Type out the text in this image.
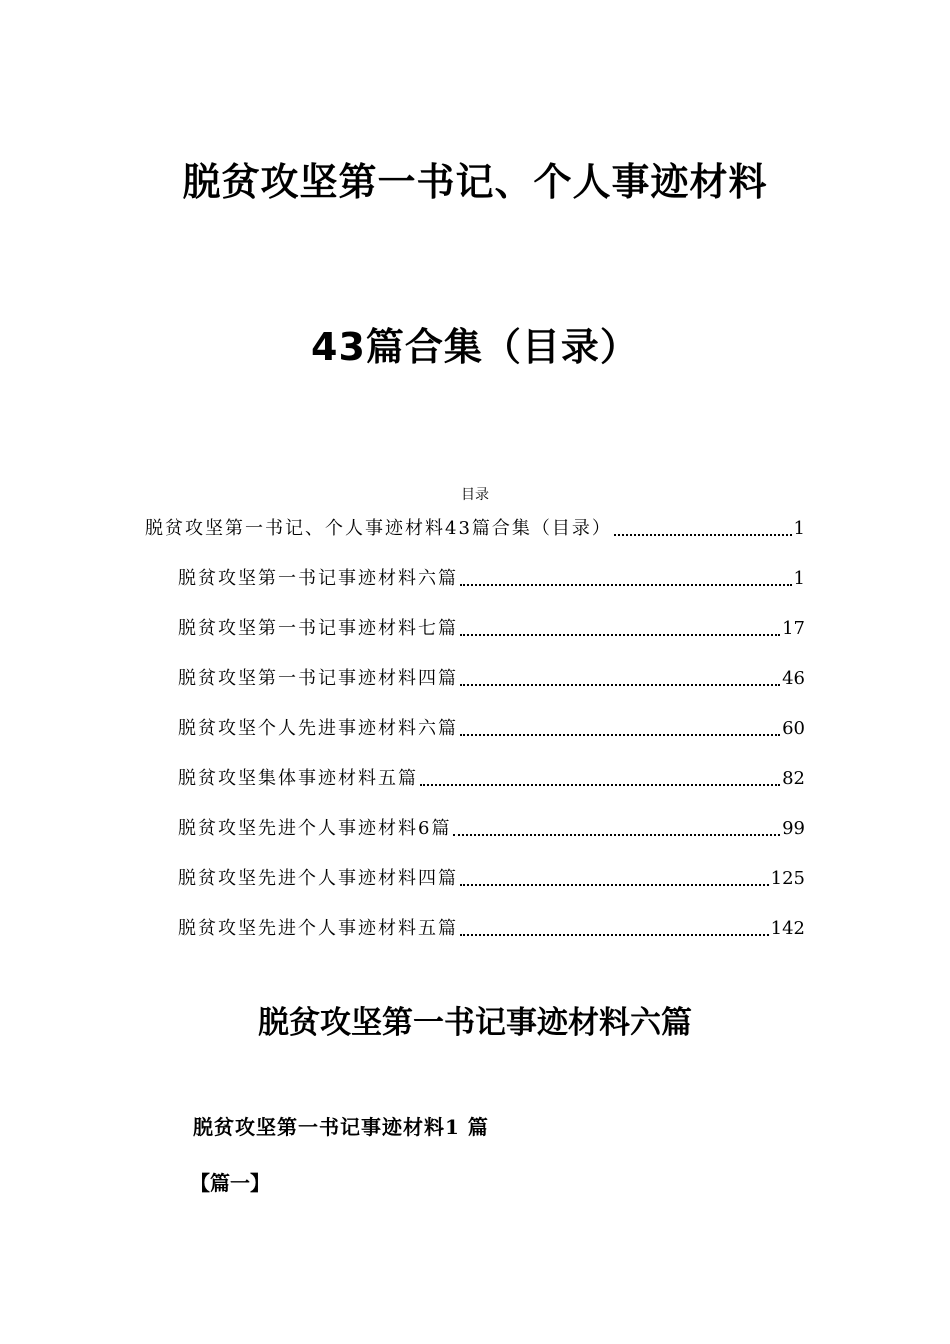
脱贫攻坚第一书记、个人事迹材料
43篇合集（目录）
目录
脱贫攻坚第一书记、个人事迹材料43篇合集（目录）	1
脱贫攻坚第一书记事迹材料六篇	1
脱贫攻坚第一书记事迹材料七篇	17
脱贫攻坚第一书记事迹材料四篇	46
脱贫攻坚个人先进事迹材料六篇	60
脱贫攻坚集体事迹材料五篇	82
脱贫攻坚先进个人事迹材料6篇	99
脱贫攻坚先进个人事迹材料四篇	125
脱贫攻坚先进个人事迹材料五篇	142
脱贫攻坚第一书记事迹材料六篇
脱贫攻坚第一书记事迹材料1 篇
【篇一】
